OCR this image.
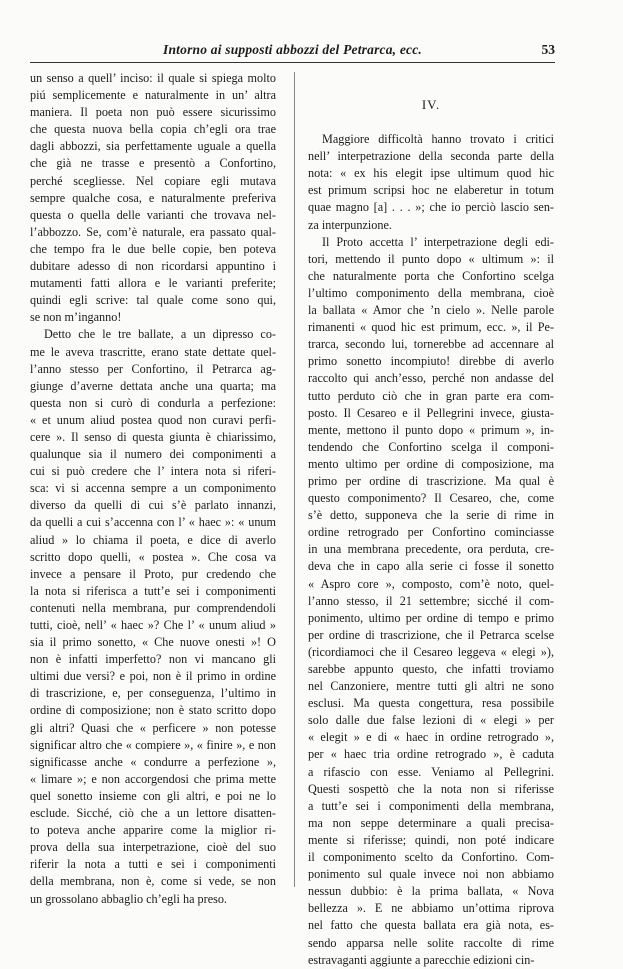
Intorno ai supposti abbozzi del Petrarca, ecc.	53

un senso a quell’ inciso: il quale si spiega molto

piú semplicemente e naturalmente in un’ altra

maniera. Il poeta non può essere sicurissimo

che questa nuova bella copia ch’egli ora trae

dagli abbozzi, sia perfettamente uguale a quella

che già ne trasse e presentò a Confortino,

perché scegliesse. Nel copiare egli mutava

sempre qualche cosa, e naturalmente preferiva

questa o quella delle varianti che trovava nel-

l’abbozzo. Se, com’è naturale, era passato qual-

che tempo fra le due belle copie, ben poteva

dubitare adesso di non ricordarsi appuntino i

mutamenti fatti allora e le varianti preferite;

quindi egli scrive: tal quale come sono qui,

se non m’inganno!

Detto che le tre ballate, a un dipresso co-

me le aveva trascritte, erano state dettate quel-

l’anno stesso per Confortino, il Petrarca ag-

giunge d’averne dettata anche una quarta; ma

questa non si curò di condurla a perfezione:

« et unum aliud postea quod non curavi perfi-

cere ». Il senso di questa giunta è chiarissimo,

qualunque sia il numero dei componimenti a

cui si può credere che l’ intera nota si riferi-

sca: vi si accenna sempre a un componimento

diverso da quelli di cui s’è parlato innanzi,

da quelli a cui s’accenna con l’ « haec »: « unum

aliud » lo chiama il poeta, e dice di averlo

scritto dopo quelli, « postea ». Che cosa va

invece a pensare il Proto, pur credendo che

la nota si riferisca a tutt’e sei i componimenti

contenuti nella membrana, pur comprendendoli

tutti, cioè, nell’ « haec »? Che l’ « unum aliud »

sia il primo sonetto, « Che nuove onesti »! O

non è infatti imperfetto? non vi mancano gli

ultimi due versi? e poi, non è il primo in ordine

di trascrizione, e, per conseguenza, l’ultimo in

ordine di composizione; non è stato scritto dopo

gli altri? Quasi che « perficere » non potesse

significar altro che « compiere », « finire », e non

significasse anche « condurre a perfezione »,

« limare »; e non accorgendosi che prima mette

quel sonetto insieme con gli altri, e poi ne lo

esclude. Sicché, ciò che a un lettore disatten-

to poteva anche apparire come la miglior ri-

prova della sua interpetrazione, cioè del suo

riferir la nota a tutti e sei i componimenti

della membrana, non è, come si vede, se non

un grossolano abbaglio ch’egli ha preso.

IV.

Maggiore difficoltà hanno trovato i critici

nell’ interpetrazione della seconda parte della

nota: « ex his elegit ipse ultimum quod hic

est primum scripsi hoc ne elaberetur in totum

quae magno [a] . . . »; che io perciò lascio sen-

za interpunzione.

Il Proto accetta l’ interpetrazione degli edi-

tori, mettendo il punto dopo « ultimum »: il

che naturalmente porta che Confortino scelga

l’ultimo componimento della membrana, cioè

la ballata « Amor che ’n cielo ». Nelle parole

rimanenti « quod hic est primum, ecc. », il Pe-

trarca, secondo lui, tornerebbe ad accennare al

primo sonetto incompiuto! direbbe di averlo

raccolto qui anch’esso, perché non andasse del

tutto perduto ciò che in gran parte era com-

posto. Il Cesareo e il Pellegrini invece, giusta-

mente, mettono il punto dopo « primum », in-

tendendo che Confortino scelga il componi-

mento ultimo per ordine di composizione, ma

primo per ordine di trascrizione. Ma qual è

questo componimento? Il Cesareo, che, come

s’è detto, supponeva che la serie di rime in

ordine retrogrado per Confortino cominciasse

in una membrana precedente, ora perduta, cre-

deva che in capo alla serie ci fosse il sonetto

« Aspro core », composto, com’è noto, quel-

l’anno stesso, il 21 settembre; sicché il com-

ponimento, ultimo per ordine di tempo e primo

per ordine di trascrizione, che il Petrarca scelse

(ricordiamoci che il Cesareo leggeva « elegi »),

sarebbe appunto questo, che infatti troviamo

nel Canzoniere, mentre tutti gli altri ne sono

esclusi. Ma questa congettura, resa possibile

solo dalle due false lezioni di « elegi » per

« elegit » e di « haec in ordine retrogrado »,

per « haec tria ordine retrogrado », è caduta

a rifascio con esse. Veniamo al Pellegrini.

Questi sospettò che la nota non si riferisse

a tutt’e sei i componimenti della membrana,

ma non seppe determinare a quali precisa-

mente si riferisse; quindi, non poté indicare

il componimento scelto da Confortino. Com-

ponimento sul quale invece noi non abbiamo

nessun dubbio: è la prima ballata, « Nova

bellezza ». E ne abbiamo un’ottima riprova

nel fatto che questa ballata era già nota, es-

sendo apparsa nelle solite raccolte di rime

estravaganti aggiunte a parecchie edizioni cin-
